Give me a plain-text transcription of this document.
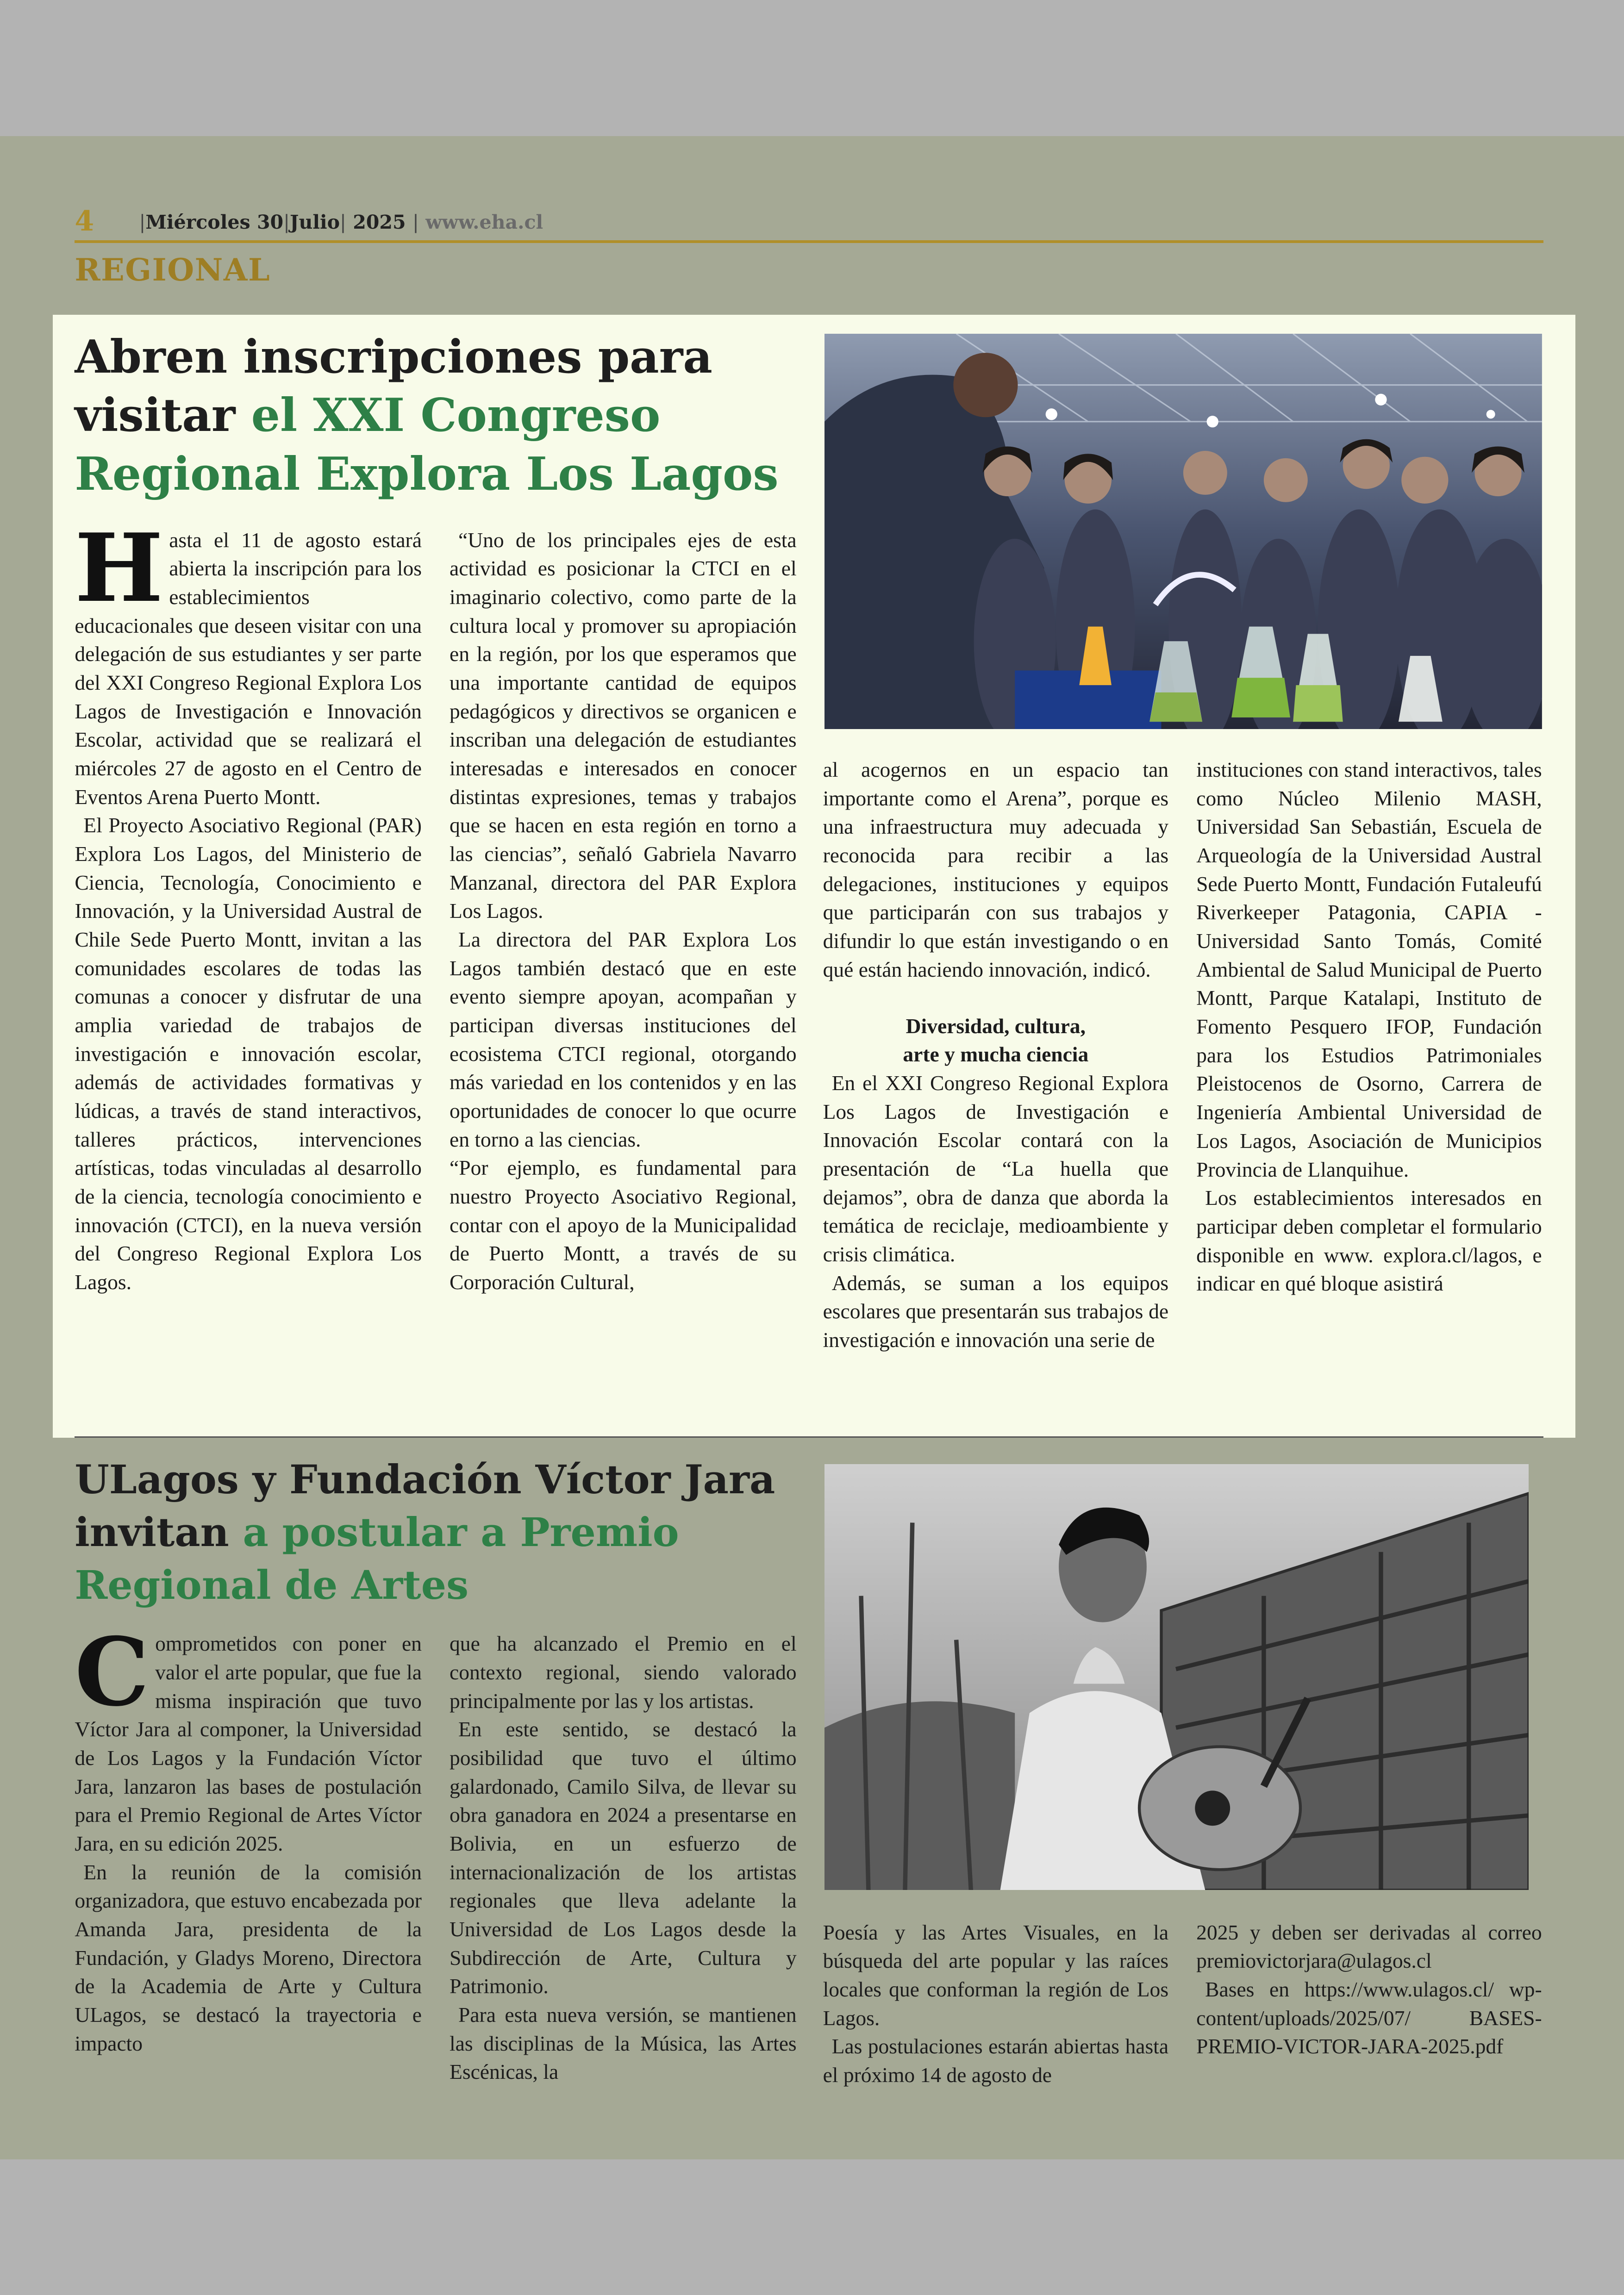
4 |Miércoles 30|Julio| 2025 | www.eha.cl
REGIONAL
Abren inscripciones para
visitar el XXI Congreso
Regional Explora Los Lagos
H asta el 11 de agosto estará abierta la inscripción para los establecimientos educacionales que deseen visitar con una delegación de sus estudiantes y ser parte del XXI Congreso Regional Explora Los Lagos de Investigación e Innovación Escolar, actividad que se realizará el miércoles 27 de agosto en el Centro de Eventos Arena Puerto Montt.

El Proyecto Asociativo Regional (PAR) Explora Los Lagos, del Ministerio de Ciencia, Tecnología, Conocimiento e Innovación, y la Universidad Austral de Chile Sede Puerto Montt, invitan a las comunidades escolares de todas las comunas a conocer y disfrutar de una amplia variedad de trabajos de investigación e innovación escolar, además de actividades formativas y lúdicas, a través de stand interactivos, talleres prácticos, intervenciones artísticas, todas vinculadas al desarrollo de la ciencia, tecnología conocimiento e innovación (CTCI), en la nueva versión del Congreso Regional Explora Los Lagos.

“Uno de los principales ejes de esta actividad es posicionar la CTCI en el imaginario colectivo, como parte de la cultura local y promover su apropiación en la región, por los que esperamos que una importante cantidad de equipos pedagógicos y directivos se organicen e inscriban una delegación de estudiantes interesadas e interesados en conocer distintas expresiones, temas y trabajos que se hacen en esta región en torno a las ciencias”, señaló Gabriela Navarro Manzanal, directora del PAR Explora Los Lagos.

La directora del PAR Explora Los Lagos también destacó que en este evento siempre apoyan, acompañan y participan diversas instituciones del ecosistema CTCI regional, otorgando más variedad en los contenidos y en las oportunidades de conocer lo que ocurre en torno a las ciencias.

“Por ejemplo, es fundamental para nuestro Proyecto Asociativo Regional, contar con el apoyo de la Municipalidad de Puerto Montt, a través de su Corporación Cultural,

al acogernos en un espacio tan importante como el Arena”, porque es una infraestructura muy adecuada y reconocida para recibir a las delegaciones, instituciones y equipos que participarán con sus trabajos y difundir lo que están investigando o en qué están haciendo innovación, indicó.

Diversidad, cultura,
arte y mucha ciencia

En el XXI Congreso Regional Explora Los Lagos de Investigación e Innovación Escolar contará con la presentación de “La huella que dejamos”, obra de danza que aborda la temática de reciclaje, medioambiente y crisis climática.

Además, se suman a los equipos escolares que presentarán sus trabajos de investigación e innovación una serie de

instituciones con stand interactivos, tales como Núcleo Milenio MASH, Universidad San Sebastián, Escuela de Arqueología de la Universidad Austral Sede Puerto Montt, Fundación Futaleufú Riverkeeper Patagonia, CAPIA - Universidad Santo Tomás, Comité Ambiental de Salud Municipal de Puerto Montt, Parque Katalapi, Instituto de Fomento Pesquero IFOP, Fundación para los Estudios Patrimoniales Pleistocenos de Osorno, Carrera de Ingeniería Ambiental Universidad de Los Lagos, Asociación de Municipios Provincia de Llanquihue.

Los establecimientos interesados en participar deben completar el formulario disponible en www. explora.cl/lagos, e indicar en qué bloque asistirá

ULagos y Fundación Víctor Jara
invitan a postular a Premio
Regional de Artes
C omprometidos con poner en valor el arte popular, que fue la misma inspiración que tuvo Víctor Jara al componer, la Universidad de Los Lagos y la Fundación Víctor Jara, lanzaron las bases de postulación para el Premio Regional de Artes Víctor Jara, en su edición 2025.

En la reunión de la comisión organizadora, que estuvo encabezada por Amanda Jara, presidenta de la Fundación, y Gladys Moreno, Directora de la Academia de Arte y Cultura ULagos, se destacó la trayectoria e impacto

que ha alcanzado el Premio en el contexto regional, siendo valorado principalmente por las y los artistas.

En este sentido, se destacó la posibilidad que tuvo el último galardonado, Camilo Silva, de llevar su obra ganadora en 2024 a presentarse en Bolivia, en un esfuerzo de internacionalización de los artistas regionales que lleva adelante la Universidad de Los Lagos desde la Subdirección de Arte, Cultura y Patrimonio.

Para esta nueva versión, se mantienen las disciplinas de la Música, las Artes Escénicas, la

Poesía y las Artes Visuales, en la búsqueda del arte popular y las raíces locales que conforman la región de Los Lagos.

Las postulaciones estarán abiertas hasta el próximo 14 de agosto de

2025 y deben ser derivadas al correo premiovictorjara@ulagos.cl

Bases en https://www.ulagos.cl/ wp-content/uploads/2025/07/ BASES-PREMIO-VICTOR-JARA-2025.pdf
